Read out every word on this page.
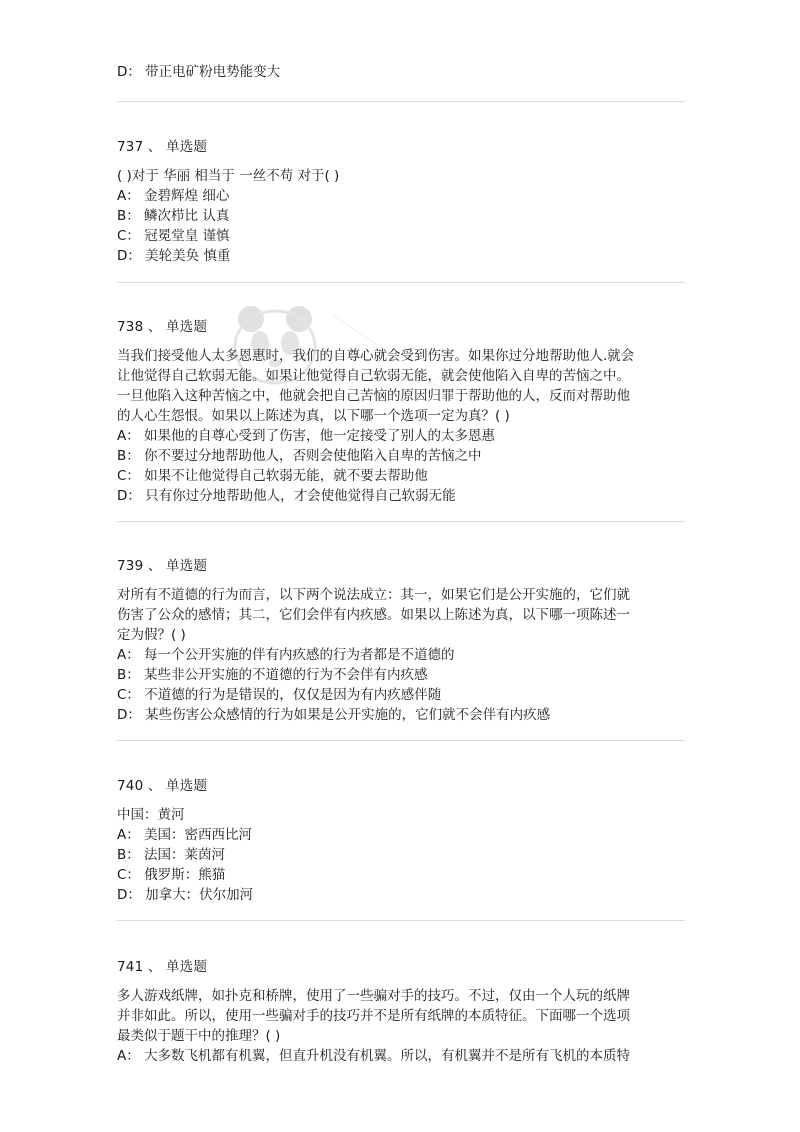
D： 带正电矿粉电势能变大
737 、 单选题
( )对于 华丽 相当于 一丝不苟 对于( )
A： 金碧辉煌 细心
B： 鳞次栉比 认真
C： 冠冕堂皇 谨慎
D： 美轮美奂 慎重
738 、 单选题
当我们接受他人太多恩惠时，我们的自尊心就会受到伤害。如果你过分地帮助他人.就会
让他觉得自己软弱无能。如果让他觉得自己软弱无能，就会使他陷入自卑的苦恼之中。
一旦他陷入这种苦恼之中，他就会把自己苦恼的原因归罪于帮助他的人，反而对帮助他
的人心生怨恨。如果以上陈述为真，以下哪一个选项一定为真？( )
A： 如果他的自尊心受到了伤害，他一定接受了别人的太多恩惠
B： 你不要过分地帮助他人，否则会使他陷入自卑的苦恼之中
C： 如果不让他觉得自己软弱无能，就不要去帮助他
D： 只有你过分地帮助他人，才会使他觉得自己软弱无能
739 、 单选题
对所有不道德的行为而言，以下两个说法成立：其一，如果它们是公开实施的，它们就
伤害了公众的感情；其二，它们会伴有内疚感。如果以上陈述为真，以下哪一项陈述一
定为假？( )
A： 每一个公开实施的伴有内疚感的行为者都是不道德的
B： 某些非公开实施的不道德的行为不会伴有内疚感
C： 不道德的行为是错误的，仅仅是因为有内疚感伴随
D： 某些伤害公众感情的行为如果是公开实施的，它们就不会伴有内疚感
740 、 单选题
中国：黄河
A： 美国：密西西比河
B： 法国：莱茵河
C： 俄罗斯：熊猫
D： 加拿大：伏尔加河
741 、 单选题
多人游戏纸牌，如扑克和桥牌，使用了一些骗对手的技巧。不过，仅由一个人玩的纸牌
并非如此。所以，使用一些骗对手的技巧并不是所有纸牌的本质特征。下面哪一个选项
最类似于题干中的推理？( )
A： 大多数飞机都有机翼，但直升机没有机翼。所以，有机翼并不是所有飞机的本质特
